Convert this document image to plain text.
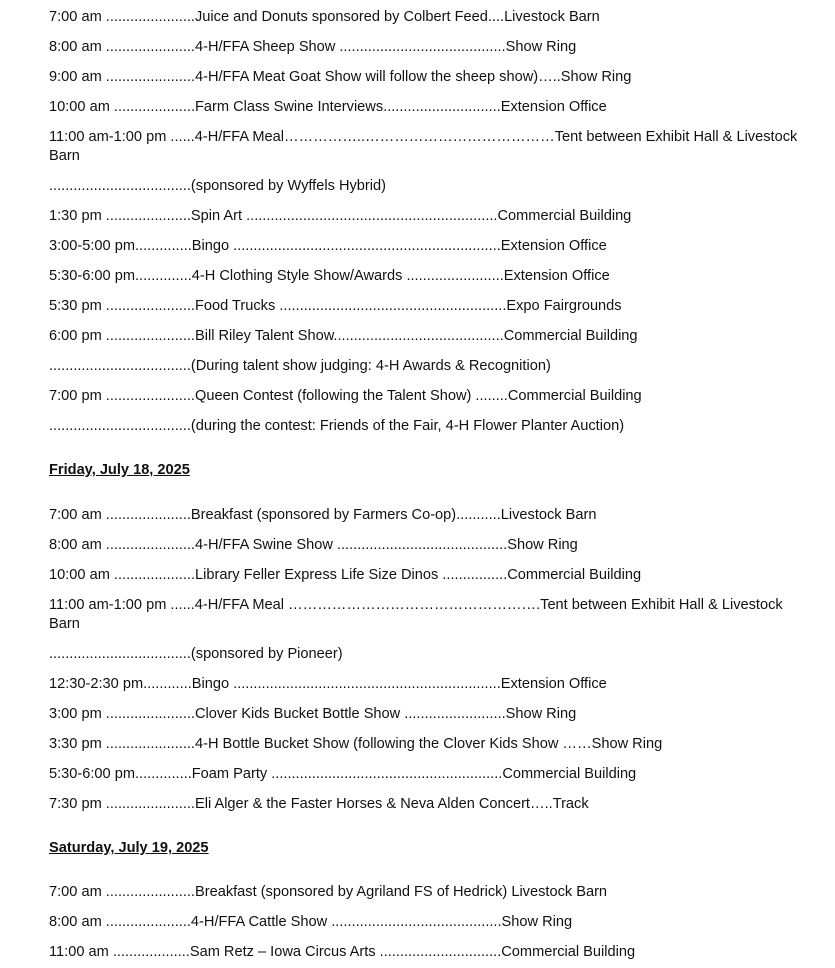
7:00 am ......................Juice and Donuts sponsored by Colbert Feed....Livestock Barn
8:00 am ......................4-H/FFA Sheep Show .........................................Show Ring
9:00 am ......................4-H/FFA Meat Goat Show will follow the sheep show)…..Show Ring
10:00 am ....................Farm Class Swine Interviews.............................Extension Office
11:00 am-1:00 pm ......4-H/FFA Meal……………..…………………………………Tent between Exhibit Hall & Livestock Barn
...................................(sponsored by Wyffels Hybrid)
1:30 pm .....................Spin Art ..............................................................Commercial Building
3:00-5:00 pm..............Bingo ..................................................................Extension Office
5:30-6:00 pm..............4-H Clothing Style Show/Awards ........................Extension Office
5:30 pm ......................Food Trucks ........................................................Expo Fairgrounds
6:00 pm ......................Bill Riley Talent Show..........................................Commercial Building
...................................(During talent show judging: 4-H Awards & Recognition)
7:00 pm ......................Queen Contest (following the Talent Show) ........Commercial Building
...................................(during the contest: Friends of the Fair, 4-H Flower Planter Auction)
Friday, July 18, 2025
7:00 am .....................Breakfast (sponsored by Farmers Co-op)...........Livestock Barn
8:00 am ......................4-H/FFA Swine Show ..........................................Show Ring
10:00 am ....................Library Feller Express Life Size Dinos ................Commercial Building
11:00 am-1:00 pm ......4-H/FFA Meal …………………………………………….Tent between Exhibit Hall & Livestock Barn
...................................(sponsored by Pioneer)
12:30-2:30 pm............Bingo ..................................................................Extension Office
3:00 pm ......................Clover Kids Bucket Bottle Show .........................Show Ring
3:30 pm ......................4-H Bottle Bucket Show (following the Clover Kids Show ……Show Ring
5:30-6:00 pm..............Foam Party .........................................................Commercial Building
7:30 pm ......................Eli Alger & the Faster Horses & Neva Alden Concert…..Track
Saturday, July 19, 2025
7:00 am ......................Breakfast (sponsored by Agriland FS of Hedrick) Livestock Barn
8:00 am .....................4-H/FFA Cattle Show ..........................................Show Ring
11:00 am ...................Sam Retz – Iowa Circus Arts ..............................Commercial Building
